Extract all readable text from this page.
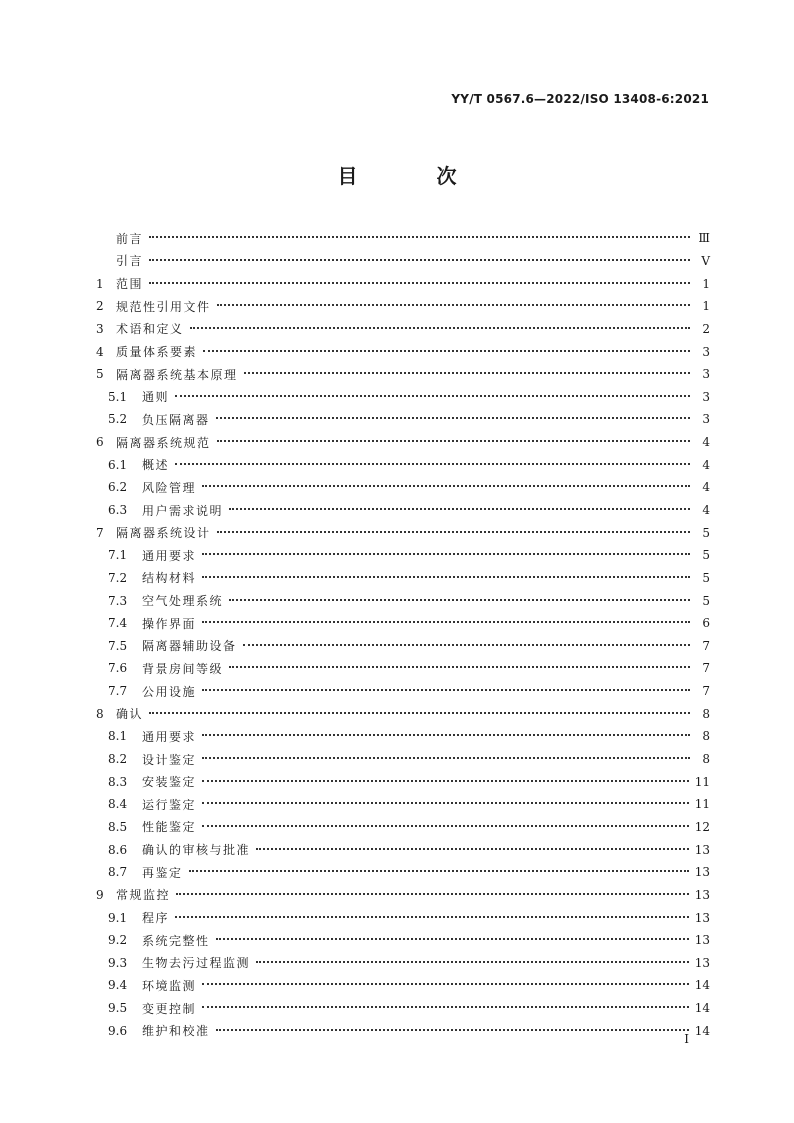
YY/T 0567.6—2022/ISO 13408-6:2021
目 次
前言	Ⅲ
引言	Ⅴ
1	范围	1
2	规范性引用文件	1
3	术语和定义	2
4	质量体系要素	3
5	隔离器系统基本原理	3
5.1	通则	3
5.2	负压隔离器	3
6	隔离器系统规范	4
6.1	概述	4
6.2	风险管理	4
6.3	用户需求说明	4
7	隔离器系统设计	5
7.1	通用要求	5
7.2	结构材料	5
7.3	空气处理系统	5
7.4	操作界面	6
7.5	隔离器辅助设备	7
7.6	背景房间等级	7
7.7	公用设施	7
8	确认	8
8.1	通用要求	8
8.2	设计鉴定	8
8.3	安装鉴定	11
8.4	运行鉴定	11
8.5	性能鉴定	12
8.6	确认的审核与批准	13
8.7	再鉴定	13
9	常规监控	13
9.1	程序	13
9.2	系统完整性	13
9.3	生物去污过程监测	13
9.4	环境监测	14
9.5	变更控制	14
9.6	维护和校准	14
I
